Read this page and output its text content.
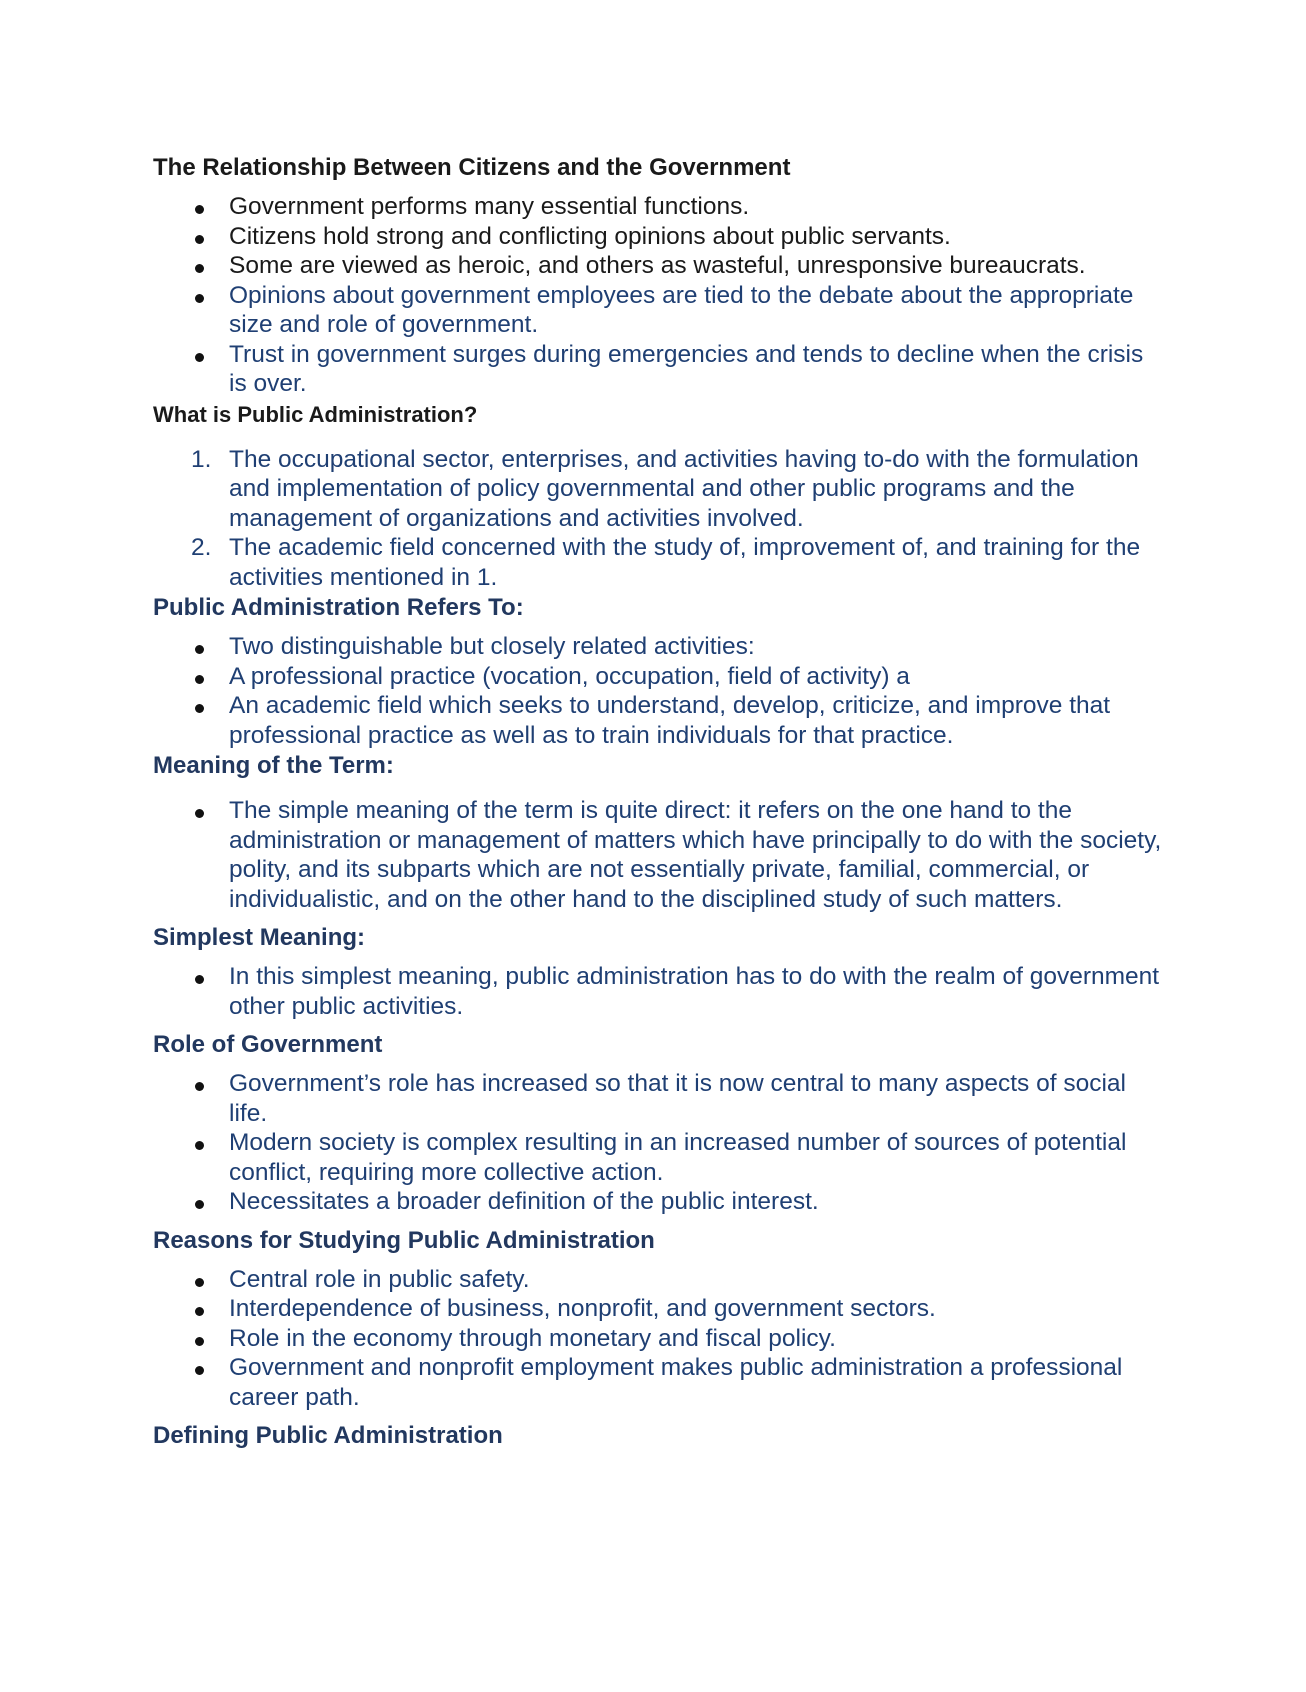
The Relationship Between Citizens and the Government
Government performs many essential functions.
Citizens hold strong and conflicting opinions about public servants.
Some are viewed as heroic, and others as wasteful, unresponsive bureaucrats.
Opinions about government employees are tied to the debate about the appropriate size and role of government.
Trust in government surges during emergencies and tends to decline when the crisis is over.
What is Public Administration?
1. The occupational sector, enterprises, and activities having to-do with the formulation and implementation of policy governmental and other public programs and the management of organizations and activities involved.
2. The academic field concerned with the study of, improvement of, and training for the activities mentioned in 1.
Public Administration Refers To:
Two distinguishable but closely related activities:
A professional practice (vocation, occupation, field of activity) a
An academic field which seeks to understand, develop, criticize, and improve that professional practice as well as to train individuals for that practice.
Meaning of the Term:
The simple meaning of the term is quite direct: it refers on the one hand to the administration or management of matters which have principally to do with the society, polity, and its subparts which are not essentially private, familial, commercial, or individualistic, and on the other hand to the disciplined study of such matters.
Simplest Meaning:
In this simplest meaning, public administration has to do with the realm of government other public activities.
Role of Government
Government’s role has increased so that it is now central to many aspects of social life.
Modern society is complex resulting in an increased number of sources of potential conflict, requiring more collective action.
Necessitates a broader definition of the public interest.
Reasons for Studying Public Administration
Central role in public safety.
Interdependence of business, nonprofit, and government sectors.
Role in the economy through monetary and fiscal policy.
Government and nonprofit employment makes public administration a professional career path.
Defining Public Administration
